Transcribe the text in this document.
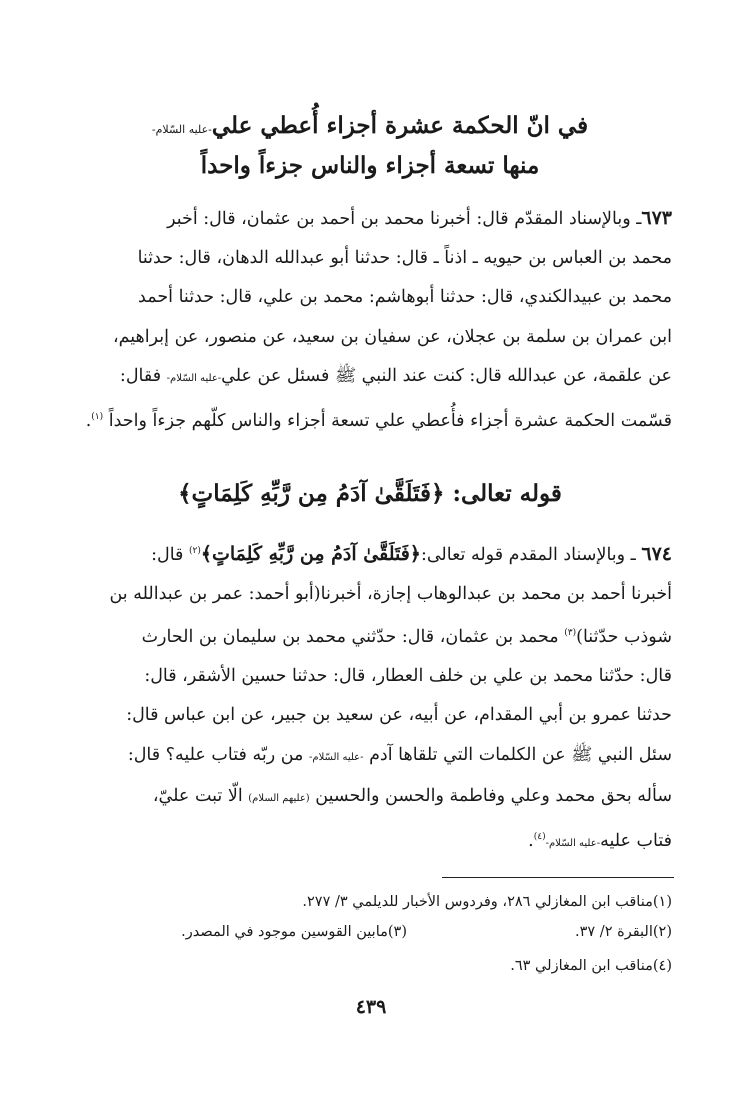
في انّ الحكمة عشرة أجزاء أُعطي علي-عليه السّلام-
منها تسعة أجزاء والناس جزءاً واحداً
٦٧٣ـ وبالإسناد المقدّم قال: أخبرنا محمد بن أحمد بن عثمان، قال: أخبر
محمد بن العباس بن حيويه ـ اذناً ـ قال: حدثنا أبو عبدالله الدهان، قال: حدثنا
محمد بن عبيدالكندي، قال: حدثنا أبوهاشم: محمد بن علي، قال: حدثنا أحمد
ابن عمران بن سلمة بن عجلان، عن سفيان بن سعيد، عن منصور، عن إبراهيم،
عن علقمة، عن عبدالله قال: كنت عند النبي ﷺ فسئل عن علي-عليه السّلام- فقال:
قسّمت الحكمة عشرة أجزاء فأُعطي علي تسعة أجزاء والناس كلّهم جزءاً واحداً $^{(١)}$.
قوله تعالى: ﴿فَتَلَقَّىٰ آدَمُ مِن رَّبِّهِ كَلِمَاتٍ﴾
٦٧٤ ـ وبالإسناد المقدم قوله تعالى:﴿فَتَلَقَّىٰ آدَمُ مِن رَّبِّهِ كَلِمَاتٍ﴾$^{(٢)}$ قال:
أخبرنا أحمد بن محمد بن عبدالوهاب إجازة، أخبرنا(أبو أحمد: عمر بن عبدالله بن
شوذب حدّثنا)$^{(٣)}$ محمد بن عثمان، قال: حدّثني محمد بن سليمان بن الحارث
قال: حدّثنا محمد بن علي بن خلف العطار، قال: حدثنا حسين الأشقر، قال:
حدثنا عمرو بن أبي المقدام، عن أبيه، عن سعيد بن جبير، عن ابن عباس قال:
سئل النبي ﷺ عن الكلمات التي تلقاها آدم -عليه السّلام- من ربّه فتاب عليه؟ قال:
سأله بحق محمد وعلي وفاطمة والحسن والحسين (عليهم السلام) الّا تبت عليّ،
فتاب عليه-عليه السّلام-$^{(٤)}$.
(١)مناقب ابن المغازلي ٢٨٦، وفردوس الأخبار للديلمي ٣/ ٢٧٧.
(٢)البقرة ٢/ ٣٧.
(٣)مابين القوسين موجود في المصدر.
(٤)مناقب ابن المغازلي ٦٣.
٤٣٩
